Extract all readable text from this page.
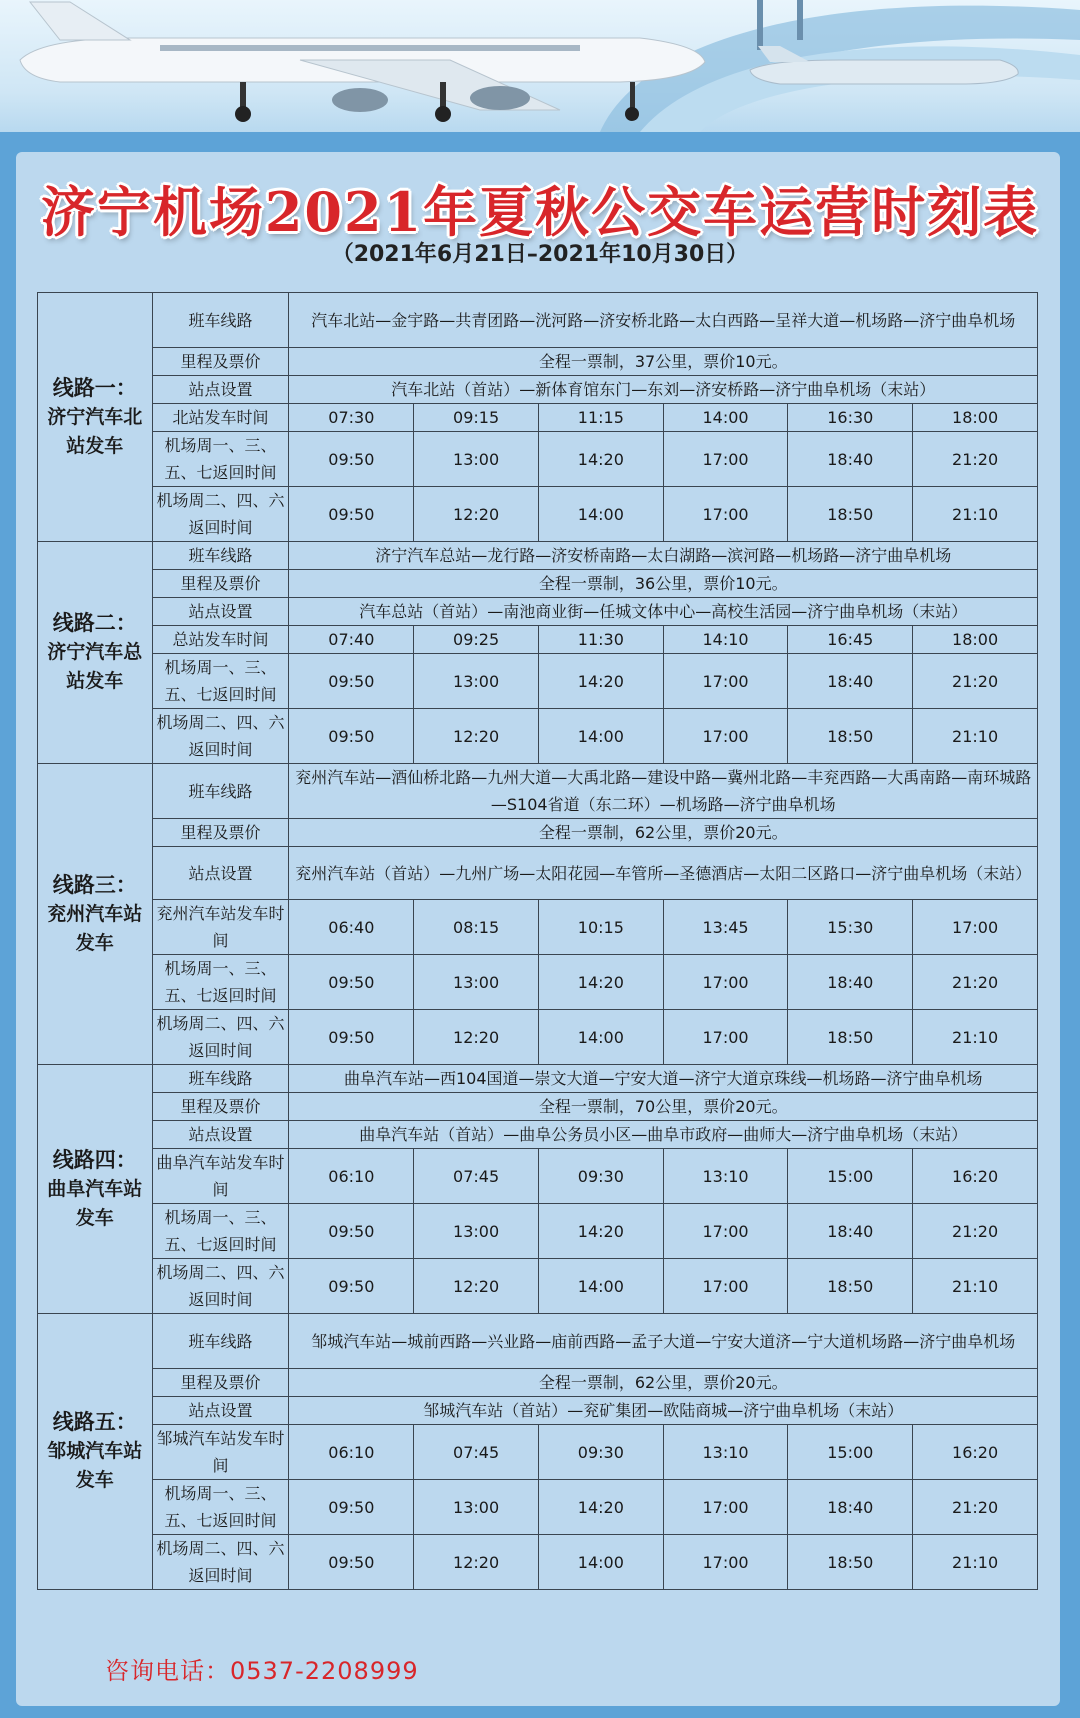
济宁机场2021年夏秋公交车运营时刻表
（2021年6月21日–2021年10月30日）
线路一：
济宁汽车北站发车	班车线路	汽车北站—金宇路—共青团路—洸河路—济安桥北路—太白西路—呈祥大道—机场路—济宁曲阜机场					
	里程及票价	全程一票制，37公里，票价10元。					
	站点设置	汽车北站（首站）—新体育馆东门—东刘—济安桥路—济宁曲阜机场（末站）					
	北站发车时间	07:30	09:15	11:15	14:00	16:30	18:00
	机场周一、三、五、七返回时间	09:50	13:00	14:20	17:00	18:40	21:20
	机场周二、四、六返回时间	09:50	12:20	14:00	17:00	18:50	21:10

线路二：
济宁汽车总站发车	班车线路	济宁汽车总站—龙行路—济安桥南路—太白湖路—滨河路—机场路—济宁曲阜机场					
	里程及票价	全程一票制，36公里，票价10元。					
	站点设置	汽车总站（首站）—南池商业街—任城文体中心—高校生活园—济宁曲阜机场（末站）					
	总站发车时间	07:40	09:25	11:30	14:10	16:45	18:00
	机场周一、三、五、七返回时间	09:50	13:00	14:20	17:00	18:40	21:20
	机场周二、四、六返回时间	09:50	12:20	14:00	17:00	18:50	21:10

线路三：
兖州汽车站发车	班车线路	兖州汽车站—酒仙桥北路—九州大道—大禹北路—建设中路—冀州北路—丰兖西路—大禹南路—南环城路—S104省道（东二环）—机场路—济宁曲阜机场					
	里程及票价	全程一票制，62公里，票价20元。					
	站点设置	兖州汽车站（首站）—九州广场—太阳花园—车管所—圣德酒店—太阳二区路口—济宁曲阜机场（末站）					
	兖州汽车站发车时间	06:40	08:15	10:15	13:45	15:30	17:00
	机场周一、三、五、七返回时间	09:50	13:00	14:20	17:00	18:40	21:20
	机场周二、四、六返回时间	09:50	12:20	14:00	17:00	18:50	21:10

线路四：
曲阜汽车站发车	班车线路	曲阜汽车站—西104国道—崇文大道—宁安大道—济宁大道京珠线—机场路—济宁曲阜机场					
	里程及票价	全程一票制，70公里，票价20元。					
	站点设置	曲阜汽车站（首站）—曲阜公务员小区—曲阜市政府—曲师大—济宁曲阜机场（末站）					
	曲阜汽车站发车时间	06:10	07:45	09:30	13:10	15:00	16:20
	机场周一、三、五、七返回时间	09:50	13:00	14:20	17:00	18:40	21:20
	机场周二、四、六返回时间	09:50	12:20	14:00	17:00	18:50	21:10

线路五：
邹城汽车站发车	班车线路	邹城汽车站—城前西路—兴业路—庙前西路—孟子大道—宁安大道济—宁大道机场路—济宁曲阜机场					
	里程及票价	全程一票制，62公里，票价20元。					
	站点设置	邹城汽车站（首站）—兖矿集团—欧陆商城—济宁曲阜机场（末站）					
	邹城汽车站发车时间	06:10	07:45	09:30	13:10	15:00	16:20
	机场周一、三、五、七返回时间	09:50	13:00	14:20	17:00	18:40	21:20
	机场周二、四、六返回时间	09:50	12:20	14:00	17:00	18:50	21:10
咨询电话：0537-2208999
